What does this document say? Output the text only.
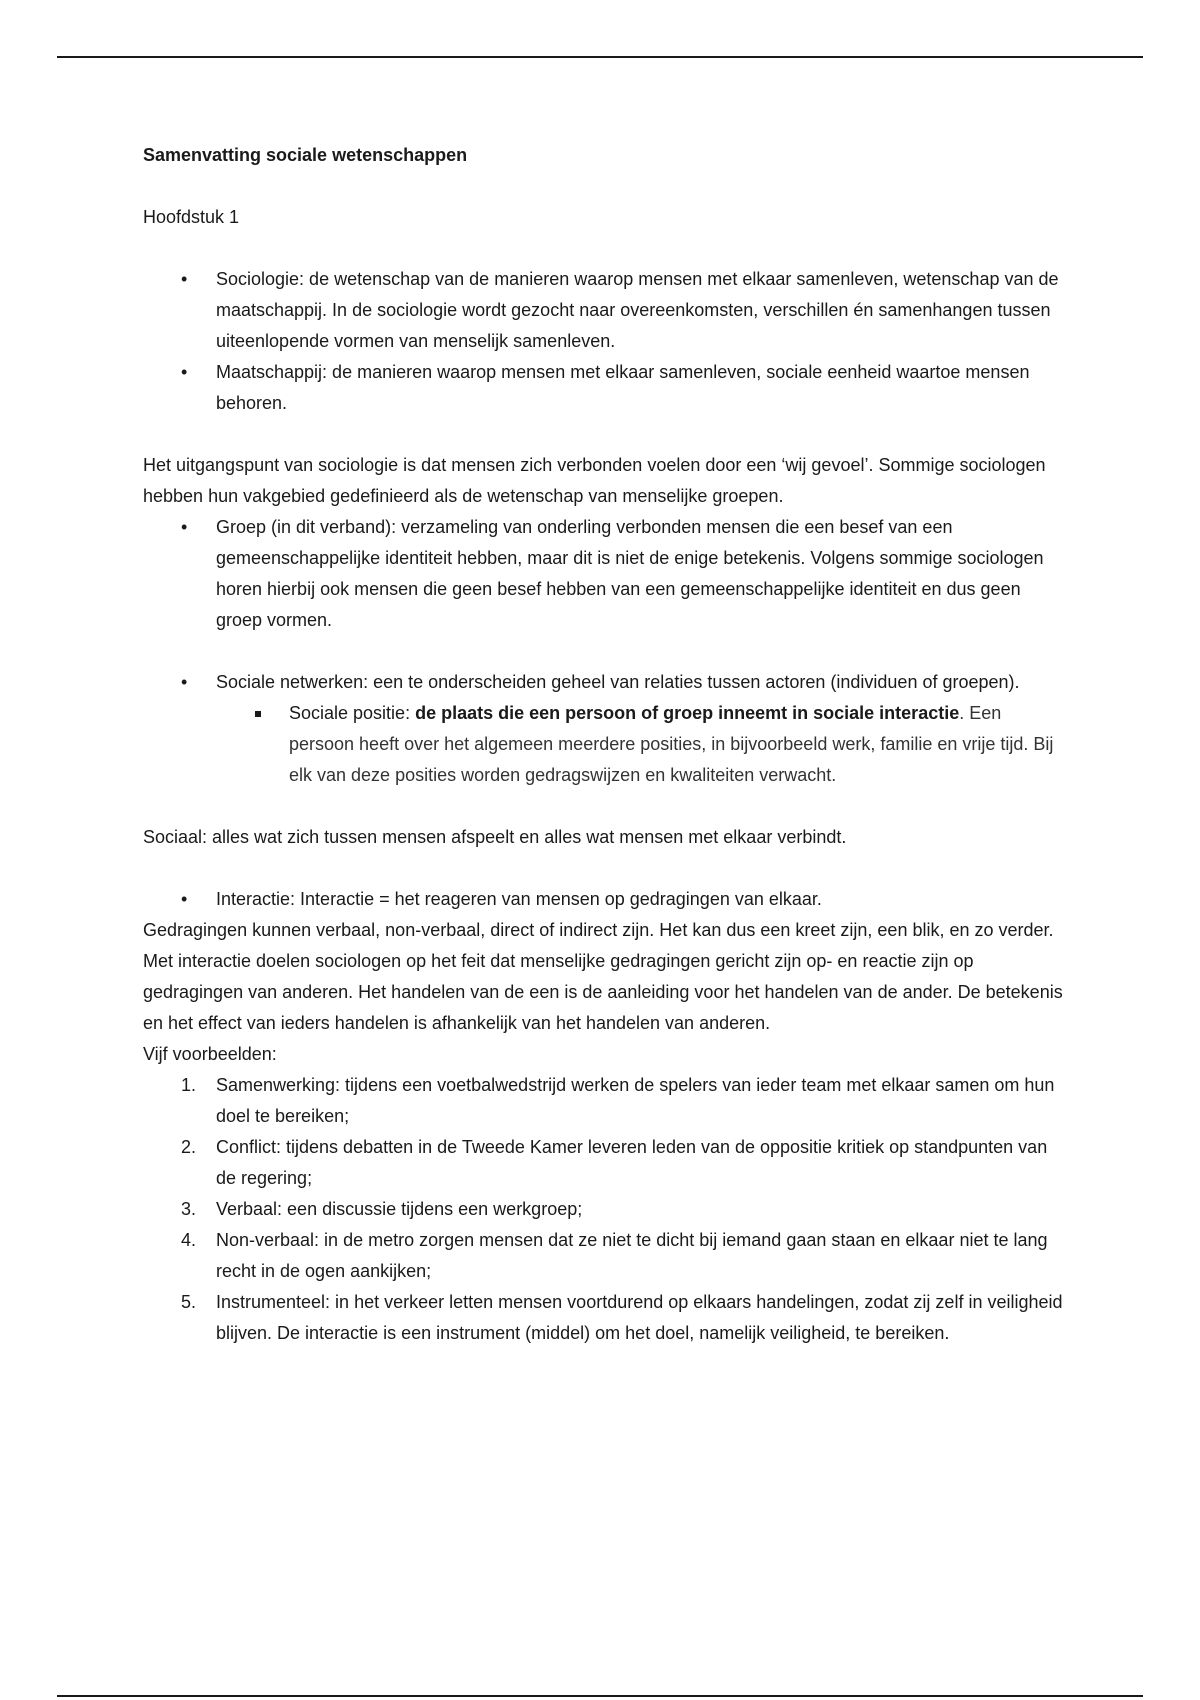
Samenvatting sociale wetenschappen

Hoofdstuk 1

• Sociologie: de wetenschap van de manieren waarop mensen met elkaar samenleven, wetenschap van de maatschappij. In de sociologie wordt gezocht naar overeenkomsten, verschillen én samenhangen tussen uiteenlopende vormen van menselijk samenleven.
• Maatschappij: de manieren waarop mensen met elkaar samenleven, sociale eenheid waartoe mensen behoren.

Het uitgangspunt van sociologie is dat mensen zich verbonden voelen door een ‘wij gevoel’. Sommige sociologen hebben hun vakgebied gedefinieerd als de wetenschap van menselijke groepen.

• Groep (in dit verband): verzameling van onderling verbonden mensen die een besef van een gemeenschappelijke identiteit hebben, maar dit is niet de enige betekenis. Volgens sommige sociologen horen hierbij ook mensen die geen besef hebben van een gemeenschappelijke identiteit en dus geen groep vormen.
• Sociale netwerken: een te onderscheiden geheel van relaties tussen actoren (individuen of groepen).
Sociale positie: de plaats die een persoon of groep inneemt in sociale interactie. Een persoon heeft over het algemeen meerdere posities, in bijvoorbeeld werk, familie en vrije tijd. Bij elk van deze posities worden gedragswijzen en kwaliteiten verwacht.

Sociaal: alles wat zich tussen mensen afspeelt en alles wat mensen met elkaar verbindt.

• Interactie: Interactie = het reageren van mensen op gedragingen van elkaar.

Gedragingen kunnen verbaal, non-verbaal, direct of indirect zijn. Het kan dus een kreet zijn, een blik, en zo verder. Met interactie doelen sociologen op het feit dat menselijke gedragingen gericht zijn op- en reactie zijn op gedragingen van anderen. Het handelen van de een is de aanleiding voor het handelen van de ander. De betekenis en het effect van ieders handelen is afhankelijk van het handelen van anderen.

Vijf voorbeelden:

1. Samenwerking: tijdens een voetbalwedstrijd werken de spelers van ieder team met elkaar samen om hun doel te bereiken;
2. Conflict: tijdens debatten in de Tweede Kamer leveren leden van de oppositie kritiek op standpunten van de regering;
3. Verbaal: een discussie tijdens een werkgroep;
4. Non-verbaal: in de metro zorgen mensen dat ze niet te dicht bij iemand gaan staan en elkaar niet te lang recht in de ogen aankijken;
5. Instrumenteel: in het verkeer letten mensen voortdurend op elkaars handelingen, zodat zij zelf in veiligheid blijven. De interactie is een instrument (middel) om het doel, namelijk veiligheid, te bereiken.
